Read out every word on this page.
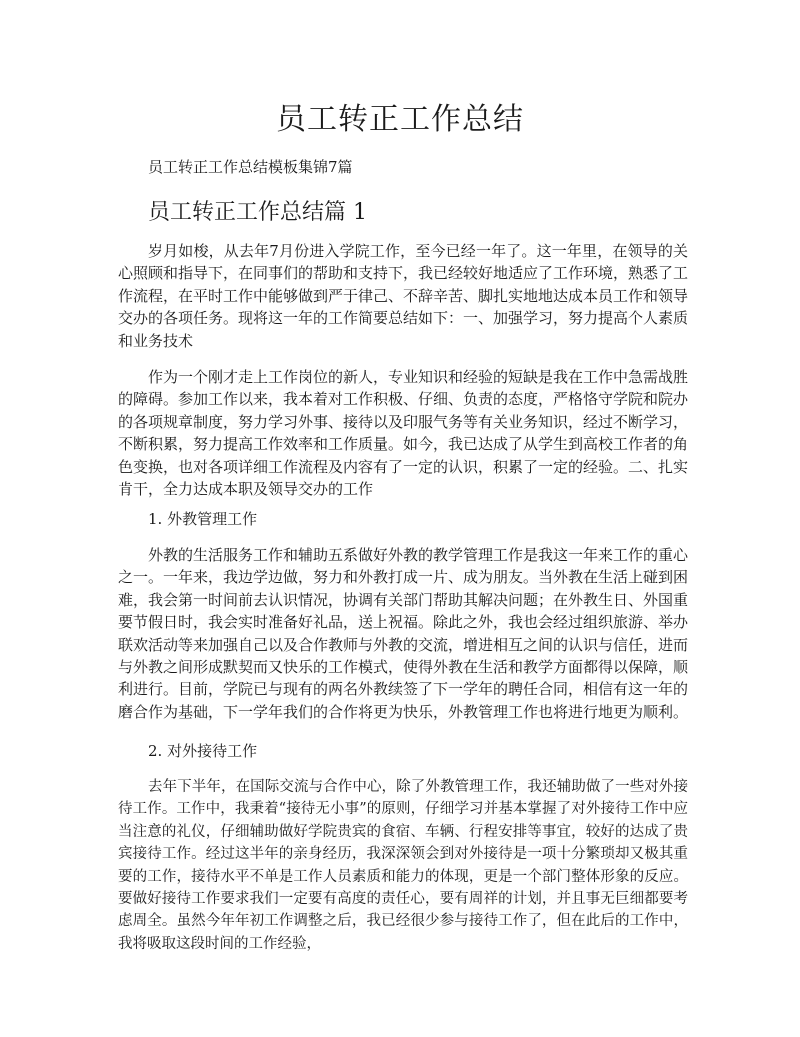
员工转正工作总结
员工转正工作总结模板集锦7篇
员工转正工作总结篇 1

岁月如梭，从去年7月份进入学院工作，至今已经一年了。这一年里，在领导的关心照顾和指导下，在同事们的帮助和支持下，我已经较好地适应了工作环境，熟悉了工作流程，在平时工作中能够做到严于律己、不辞辛苦、脚扎实地地达成本员工作和领导交办的各项任务。现将这一年的工作简要总结如下：一、加强学习，努力提高个人素质和业务技术

作为一个刚才走上工作岗位的新人，专业知识和经验的短缺是我在工作中急需战胜的障碍。参加工作以来，我本着对工作积极、仔细、负责的态度，严格恪守学院和院办的各项规章制度，努力学习外事、接待以及印服气务等有关业务知识，经过不断学习，不断积累，努力提高工作效率和工作质量。如今，我已达成了从学生到高校工作者的角色变换，也对各项详细工作流程及内容有了一定的认识，积累了一定的经验。二、扎实肯干，全力达成本职及领导交办的工作

1. 外教管理工作

外教的生活服务工作和辅助五系做好外教的教学管理工作是我这一年来工作的重心之一。一年来，我边学边做，努力和外教打成一片、成为朋友。当外教在生活上碰到困难，我会第一时间前去认识情况，协调有关部门帮助其解决问题；在外教生日、外国重要节假日时，我会实时准备好礼品，送上祝福。除此之外，我也会经过组织旅游、举办联欢活动等来加强自己以及合作教师与外教的交流，增进相互之间的认识与信任，进而与外教之间形成默契而又快乐的工作模式，使得外教在生活和教学方面都得以保障，顺利进行。目前，学院已与现有的两名外教续签了下一学年的聘任合同，相信有这一年的磨合作为基础，下一学年我们的合作将更为快乐，外教管理工作也将进行地更为顺利。

2. 对外接待工作

去年下半年，在国际交流与合作中心，除了外教管理工作，我还辅助做了一些对外接待工作。工作中，我秉着“接待无小事”的原则，仔细学习并基本掌握了对外接待工作中应当注意的礼仪，仔细辅助做好学院贵宾的食宿、车辆、行程安排等事宜，较好的达成了贵宾接待工作。经过这半年的亲身经历，我深深领会到对外接待是一项十分繁琐却又极其重要的工作，接待水平不单是工作人员素质和能力的体现，更是一个部门整体形象的反应。要做好接待工作要求我们一定要有高度的责任心，要有周祥的计划，并且事无巨细都要考虑周全。虽然今年年初工作调整之后，我已经很少参与接待工作了，但在此后的工作中，我将吸取这段时间的工作经验，
